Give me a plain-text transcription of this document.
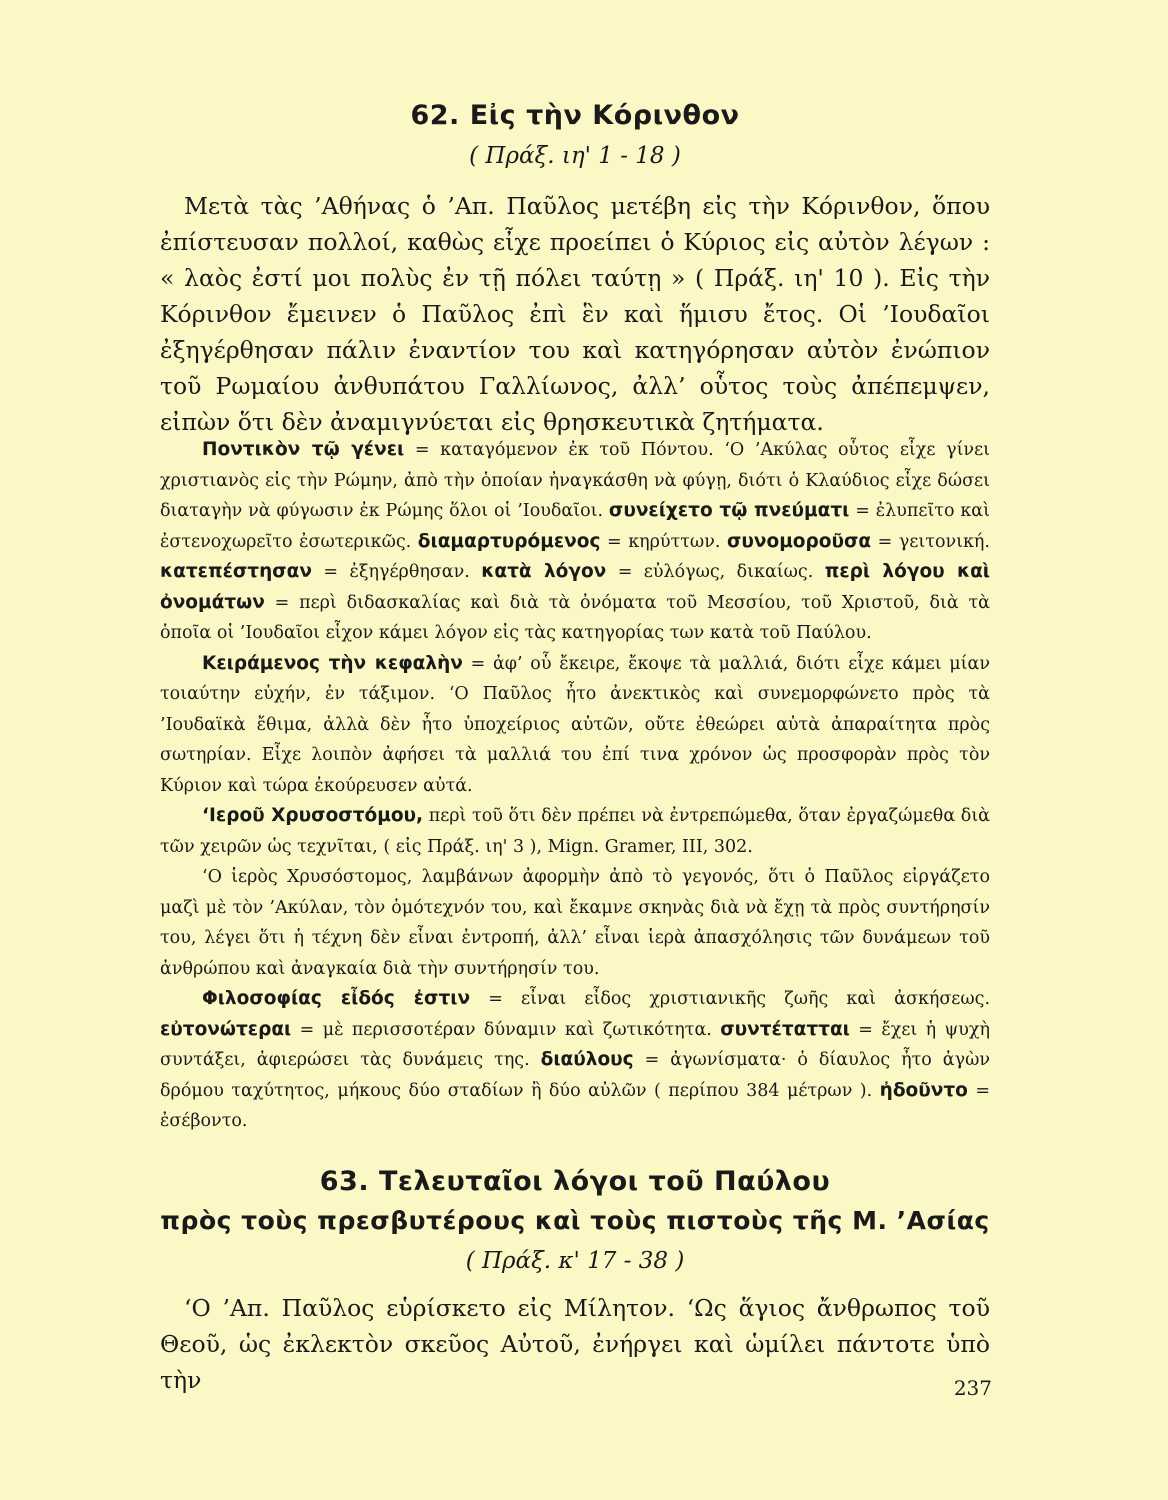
62. Εἰς τὴν Κόρινθον
( Πράξ. ιη' 1 - 18 )

Μετὰ τὰς ’Αθήνας ὁ ’Απ. Παῦλος μετέβη εἰς τὴν Κόρινθον, ὅπου ἐπίστευσαν πολλοί, καθὼς εἶχε προείπει ὁ Κύριος εἰς αὐτὸν λέγων : « λαὸς ἐστί μοι πολὺς ἐν τῇ πόλει ταύτῃ » ( Πράξ. ιη' 10 ). Εἰς τὴν Κόρινθον ἔμεινεν ὁ Παῦλος ἐπὶ ἓν καὶ ἥμισυ ἔτος. Οἱ ’Ιουδαῖοι ἐξηγέρθησαν πάλιν ἐναντίον του καὶ κατηγόρησαν αὐτὸν ἐνώπιον τοῦ Ρωμαίου ἀνθυπάτου Γαλλίωνος, ἀλλ’ οὗτος τοὺς ἀπέπεμψεν, εἰπὼν ὅτι δὲν ἀναμιγνύεται εἰς θρησκευτικὰ ζητήματα.

Ποντικὸν τῷ γένει = καταγόμενον ἐκ τοῦ Πόντου. ‘Ο ’Ακύλας οὗτος εἶχε γίνει χριστιανὸς εἰς τὴν Ρώμην, ἀπὸ τὴν ὁποίαν ἠναγκάσθη νὰ φύγῃ, διότι ὁ Κλαύδιος εἶχε δώσει διαταγὴν νὰ φύγωσιν ἐκ Ρώμης ὅλοι οἱ ’Ιουδαῖοι. συνείχετο τῷ πνεύματι = ἐλυπεῖτο καὶ ἐστενοχωρεῖτο ἐσωτερικῶς. διαμαρτυρόμενος = κηρύττων. συνομοροῦσα = γειτονική. κατεπέστησαν = ἐξηγέρθησαν. κατὰ λόγον = εὐλόγως, δικαίως. περὶ λόγου καὶ ὀνομάτων = περὶ διδασκαλίας καὶ διὰ τὰ ὀνόματα τοῦ Μεσσίου, τοῦ Χριστοῦ, διὰ τὰ ὁποῖα οἱ ’Ιουδαῖοι εἶχον κάμει λόγον εἰς τὰς κατηγορίας των κατὰ τοῦ Παύλου.

Κειράμενος τὴν κεφαλὴν = ἀφ’ οὗ ἔκειρε, ἔκοψε τὰ μαλλιά, διότι εἶχε κάμει μίαν τοιαύτην εὐχήν, ἐν τάξιμον. ‘Ο Παῦλος ἦτο ἀνεκτικὸς καὶ συνεμορφώνετο πρὸς τὰ ’Ιουδαϊκὰ ἔθιμα, ἀλλὰ δὲν ἦτο ὑποχείριος αὐτῶν, οὔτε ἐθεώρει αὐτὰ ἀπαραίτητα πρὸς σωτηρίαν. Εἶχε λοιπὸν ἀφήσει τὰ μαλλιά του ἐπί τινα χρόνον ὡς προσφορὰν πρὸς τὸν Κύριον καὶ τώρα ἐκούρευσεν αὐτά.

‘Ιεροῦ Χρυσοστόμου, περὶ τοῦ ὅτι δὲν πρέπει νὰ ἐντρεπώμεθα, ὅταν ἐργαζώμεθα διὰ τῶν χειρῶν ὡς τεχνῖται, ( εἰς Πράξ. ιη' 3 ), Mign. Gramer, III, 302.

‘Ο ἱερὸς Χρυσόστομος, λαμβάνων ἀφορμὴν ἀπὸ τὸ γεγονός, ὅτι ὁ Παῦλος εἰργάζετο μαζὶ μὲ τὸν ’Ακύλαν, τὸν ὁμότεχνόν του, καὶ ἔκαμνε σκηνὰς διὰ νὰ ἔχῃ τὰ πρὸς συντήρησίν του, λέγει ὅτι ἡ τέχνη δὲν εἶναι ἐντροπή, ἀλλ’ εἶναι ἱερὰ ἀπασχόλησις τῶν δυνάμεων τοῦ ἀνθρώπου καὶ ἀναγκαία διὰ τὴν συντήρησίν του.

Φιλοσοφίας εἶδός ἐστιν = εἶναι εἶδος χριστιανικῆς ζωῆς καὶ ἀσκήσεως. εὐτονώτεραι = μὲ περισσοτέραν δύναμιν καὶ ζωτικότητα. συντέτατται = ἔχει ἡ ψυχὴ συντάξει, ἀφιερώσει τὰς δυνάμεις της. διαύλους = ἀγωνίσματα· ὁ δίαυλος ἦτο ἀγὼν δρόμου ταχύτητος, μήκους δύο σταδίων ἢ δύο αὐλῶν ( περίπου 384 μέτρων ). ἠδοῦντο = ἐσέβοντο.

63. Τελευταῖοι λόγοι τοῦ Παύλου
πρὸς τοὺς πρεσβυτέρους καὶ τοὺς πιστοὺς τῆς Μ. ’Ασίας
( Πράξ. κ' 17 - 38 )

‘Ο ’Απ. Παῦλος εὑρίσκετο εἰς Μίλητον. ‘Ως ἅγιος ἄνθρωπος τοῦ Θεοῦ, ὡς ἐκλεκτὸν σκεῦος Αὐτοῦ, ἐνήργει καὶ ὡμίλει πάντοτε ὑπὸ τὴν	237
